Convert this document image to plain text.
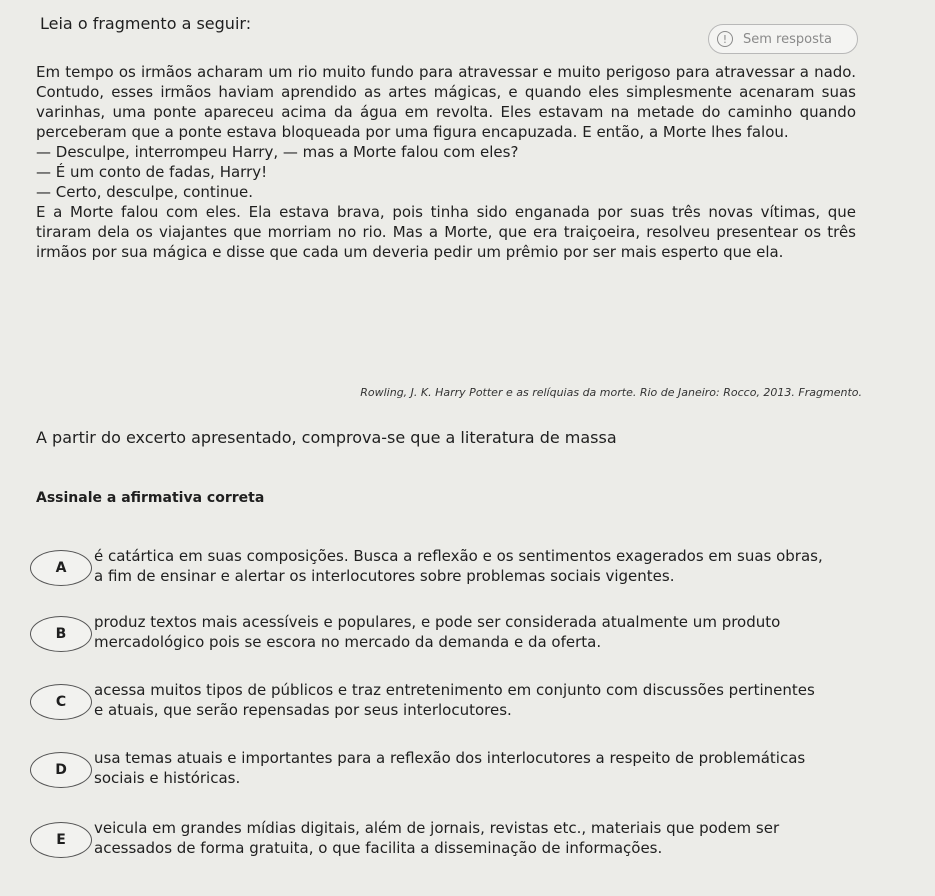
Leia o fragmento a seguir:
!	Sem resposta

Em tempo os irmãos acharam um rio muito fundo para atravessar e muito perigoso para atravessar a nado. Contudo, esses irmãos haviam aprendido as artes mágicas, e quando eles simplesmente acenaram suas varinhas, uma ponte apareceu acima da água em revolta. Eles estavam na metade do caminho quando perceberam que a ponte estava bloqueada por uma figura encapuzada. E então, a Morte lhes falou.

— Desculpe, interrompeu Harry, — mas a Morte falou com eles?

— É um conto de fadas, Harry!

— Certo, desculpe, continue.

E a Morte falou com eles. Ela estava brava, pois tinha sido enganada por suas três novas vítimas, que tiraram dela os viajantes que morriam no rio. Mas a Morte, que era traiçoeira, resolveu presentear os três irmãos por sua mágica e disse que cada um deveria pedir um prêmio por ser mais esperto que ela.

Rowling, J. K. Harry Potter e as relíquias da morte. Rio de Janeiro: Rocco, 2013. Fragmento.
A partir do excerto apresentado, comprova-se que a literatura de massa
Assinale a afirmativa correta
A
é catártica em suas composições. Busca a reflexão e os sentimentos exagerados em suas obras, a fim de ensinar e alertar os interlocutores sobre problemas sociais vigentes.
B
produz textos mais acessíveis e populares, e pode ser considerada atualmente um produto mercadológico pois se escora no mercado da demanda e da oferta.
C
acessa muitos tipos de públicos e traz entretenimento em conjunto com discussões pertinentes e atuais, que serão repensadas por seus interlocutores.
D
usa temas atuais e importantes para a reflexão dos interlocutores a respeito de problemáticas sociais e históricas.
E
veicula em grandes mídias digitais, além de jornais, revistas etc., materiais que podem ser acessados de forma gratuita, o que facilita a disseminação de informações.
